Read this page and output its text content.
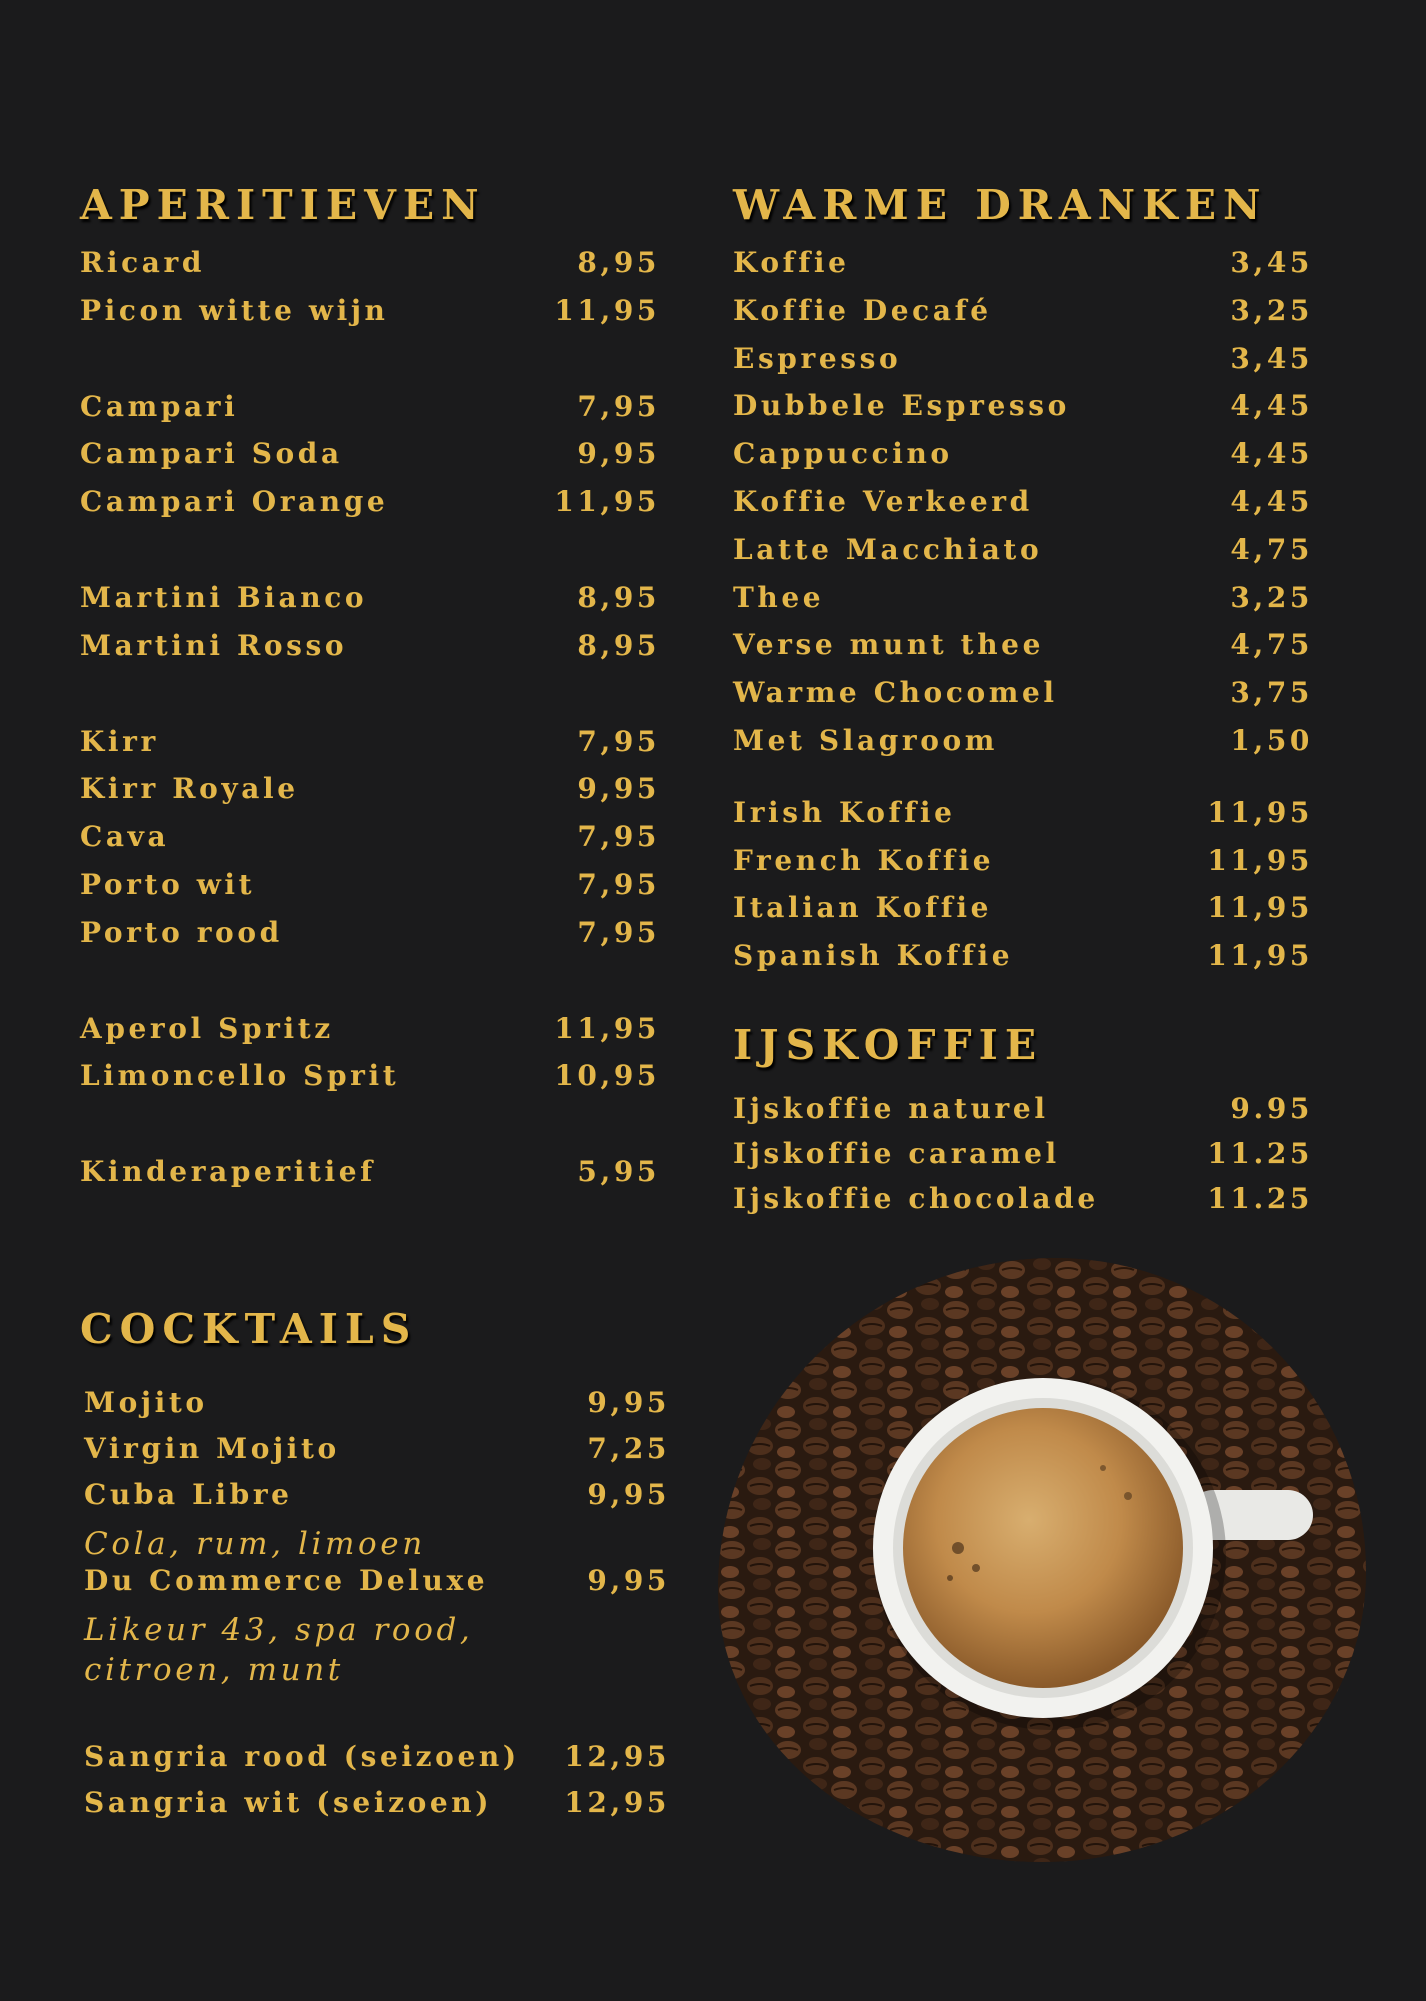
APERITIEVEN
Ricard	8,95
Picon witte wijn	11,95
Campari	7,95
Campari Soda	9,95
Campari Orange	11,95
Martini Bianco	8,95
Martini Rosso	8,95
Kirr	7,95
Kirr Royale	9,95
Cava	7,95
Porto wit	7,95
Porto rood	7,95
Aperol Spritz	11,95
Limoncello Sprit	10,95
Kinderaperitief	5,95
WARME DRANKEN
Koffie	3,45
Koffie Decafé	3,25
Espresso	3,45
Dubbele Espresso	4,45
Cappuccino	4,45
Koffie Verkeerd	4,45
Latte Macchiato	4,75
Thee	3,25
Verse munt thee	4,75
Warme Chocomel	3,75
Met Slagroom	1,50
Irish Koffie	11,95
French Koffie	11,95
Italian Koffie	11,95
Spanish Koffie	11,95
IJSKOFFIE
Ijskoffie naturel	9.95
Ijskoffie caramel	11.25
Ijskoffie chocolade	11.25
COCKTAILS
Mojito	9,95
Virgin Mojito	7,25
Cuba Libre	9,95
Cola, rum, limoen
Du Commerce Deluxe	9,95
Likeur 43, spa rood,
citroen, munt
Sangria rood (seizoen) 12,95
Sangria wit (seizoen)	12,95
